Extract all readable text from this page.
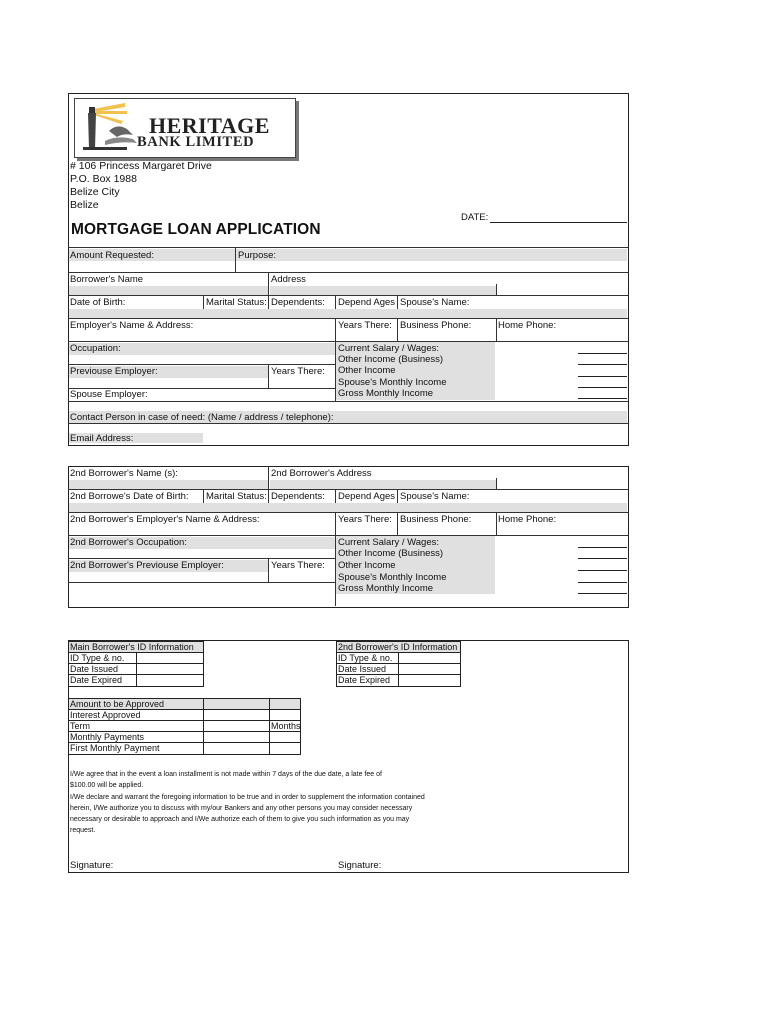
HERITAGE
BANK LIMITED
# 106 Princess Margaret Drive
P.O. Box 1988
Belize City
Belize
DATE:
MORTGAGE LOAN APPLICATION
Amount Requested:	Purpose:
Borrower's Name	Address
Date of Birth:	Marital Status: Dependents: Depend Ages Spouse's Name:
Employer's Name & Address:	Years There: Business Phone:	Home Phone:
Occupation:
Previouse Employer:	Years There:
Spouse Employer:
Current Salary / Wages:
Other Income (Business)
Other Income
Spouse's Monthly Income
Gross Monthly Income
Contact Person in case of need: (Name / address / telephone):
Email Address:
2nd Borrower's Name (s):	2nd Borrower's Address
2nd Borrowe's Date of Birth: Marital Status: Dependents: Depend Ages Spouse's Name:
2nd Borrower's Employer's Name & Address:	Years There: Business Phone:	Home Phone:
2nd Borrower's Occupation:
2nd Borrower's Previouse Employer:	Years There:
Current Salary / Wages:
Other Income (Business)
Other Income
Spouse's Monthly Income
Gross Monthly Income
Main Borrower's ID Information
ID Type & no.
Date Issued
Date Expired
2nd Borrower's ID Information
ID Type & no.
Date Issued
Date Expired
Amount to be Approved
Interest Approved
Term	Months
Monthly Payments
First Monthly Payment
I/We agree that in the event a loan installment is not made within 7 days of the due date, a late fee of
$100.00 will be applied.
I/We declare and warrant the foregoing information to be true and in order to supplement the information contained
herein, I/We authorize you to discuss with my/our Bankers and any other persons you may consider necessary
necessary or desirable to approach and I/We authorize each of them to give you such information as you may
request.
Signature:	Signature:
